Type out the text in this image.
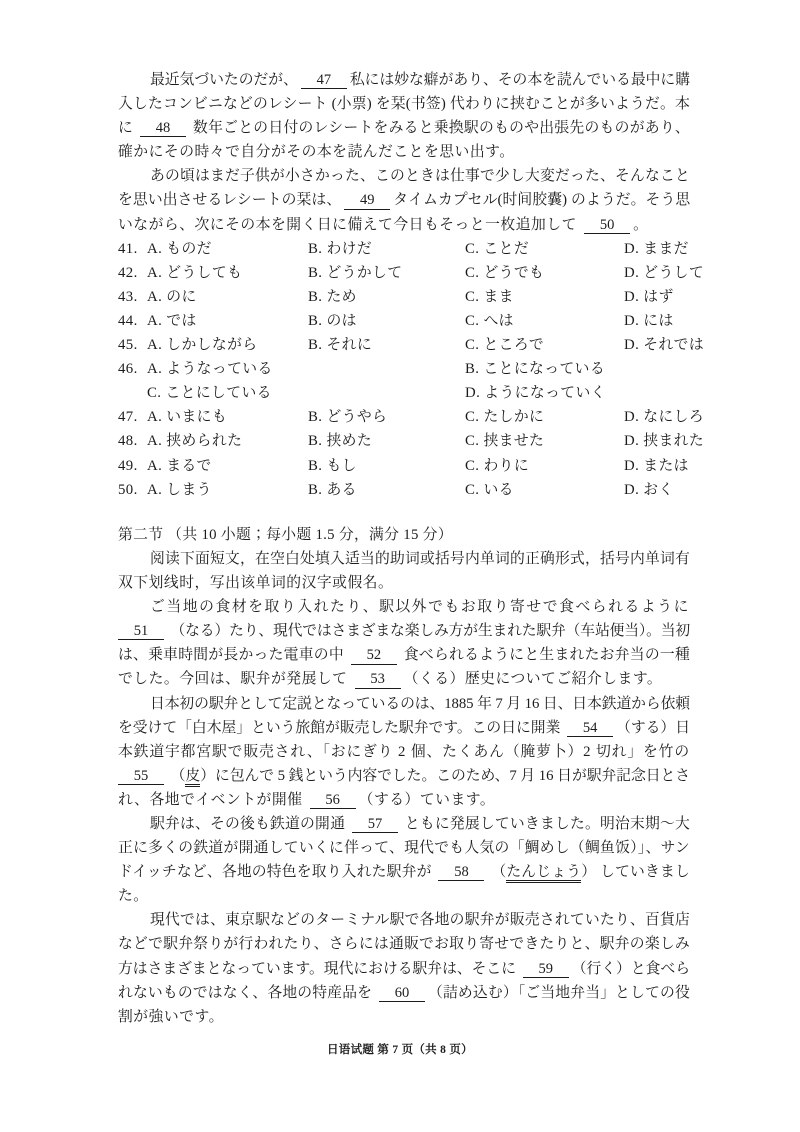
最近気づいたのだが、 47 私には妙な癖があり、その本を読んでいる最中に購
入したコンビニなどのレシート (小票) を栞(书签) 代わりに挟むことが多いようだ。本
に 48 数年ごとの日付のレシートをみると乗換駅のものや出張先のものがあり、
確かにその時々で自分がその本を読んだことを思い出す。
あの頃はまだ子供が小さかった、このときは仕事で少し大変だった、そんなこと
を思い出させるレシートの栞は、 49 タイムカプセル(时间胶囊) のようだ。そう思
いながら、次にその本を開く日に備えて今日もそっと一枚追加して 50 。
41. A. ものだ	B. わけだ	C. ことだ	D. ままだ
42. A. どうしても	B. どうかして	C. どうでも	D. どうして
43. A. のに	B. ため	C. まま	D. はず
44. A. では	B. のは	C. へは	D. には
45. A. しかしながら	B. それに	C. ところで	D. それでは
46. A. ようなっている	B. ことになっている
C. ことにしている	D. ようになっていく
47. A. いまにも	B. どうやら	C. たしかに	D. なにしろ
48. A. 挟められた	B. 挟めた	C. 挟ませた	D. 挟まれた
49. A. まるで	B. もし	C. わりに	D. または
50. A. しまう	B. ある	C. いる	D. おく
第二节 （共 10 小题；每小题 1.5 分，满分 15 分）
阅读下面短文，在空白处填入适当的助词或括号内单词的正确形式，括号内单词有
双下划线时，写出该单词的汉字或假名。
ご当地の食材を取り入れたり、駅以外でもお取り寄せで食べられるように
51 （なる）たり、現代ではさまざまな楽しみ方が生まれた駅弁（车站便当）。当初
は、乗車時間が長かった電車の中 52 食べられるようにと生まれたお弁当の一種
でした。今回は、駅弁が発展して 53 （くる）歴史についてご紹介します。
日本初の駅弁として定説となっているのは、1885 年 7 月 16 日、日本鉄道から依頼
を受けて「白木屋」という旅館が販売した駅弁です。この日に開業 54 （する）日
本鉄道宇都宮駅で販売され、「おにぎり 2 個、たくあん（腌萝卜）2 切れ」を竹の
55 （皮）に包んで 5 銭という内容でした。このため、7 月 16 日が駅弁記念日とさ
れ、各地でイベントが開催 56 （する）ています。
駅弁は、その後も鉄道の開通 57 ともに発展していきました。明治末期～大
正に多くの鉄道が開通していくに伴って、現代でも人気の「鯛めし（鲷鱼饭）」、サン
ドイッチなど、各地の特色を取り入れた駅弁が 58 （たんじょう） していきまし
た。
現代では、東京駅などのターミナル駅で各地の駅弁が販売されていたり、百貨店
などで駅弁祭りが行われたり、さらには通販でお取り寄せできたりと、駅弁の楽しみ
方はさまざまとなっています。現代における駅弁は、そこに 59 （行く）と食べら
れないものではなく、各地の特産品を 60 （詰め込む）「ご当地弁当」としての役
割が強いです。
日语试题 第 7 页（共 8 页）
